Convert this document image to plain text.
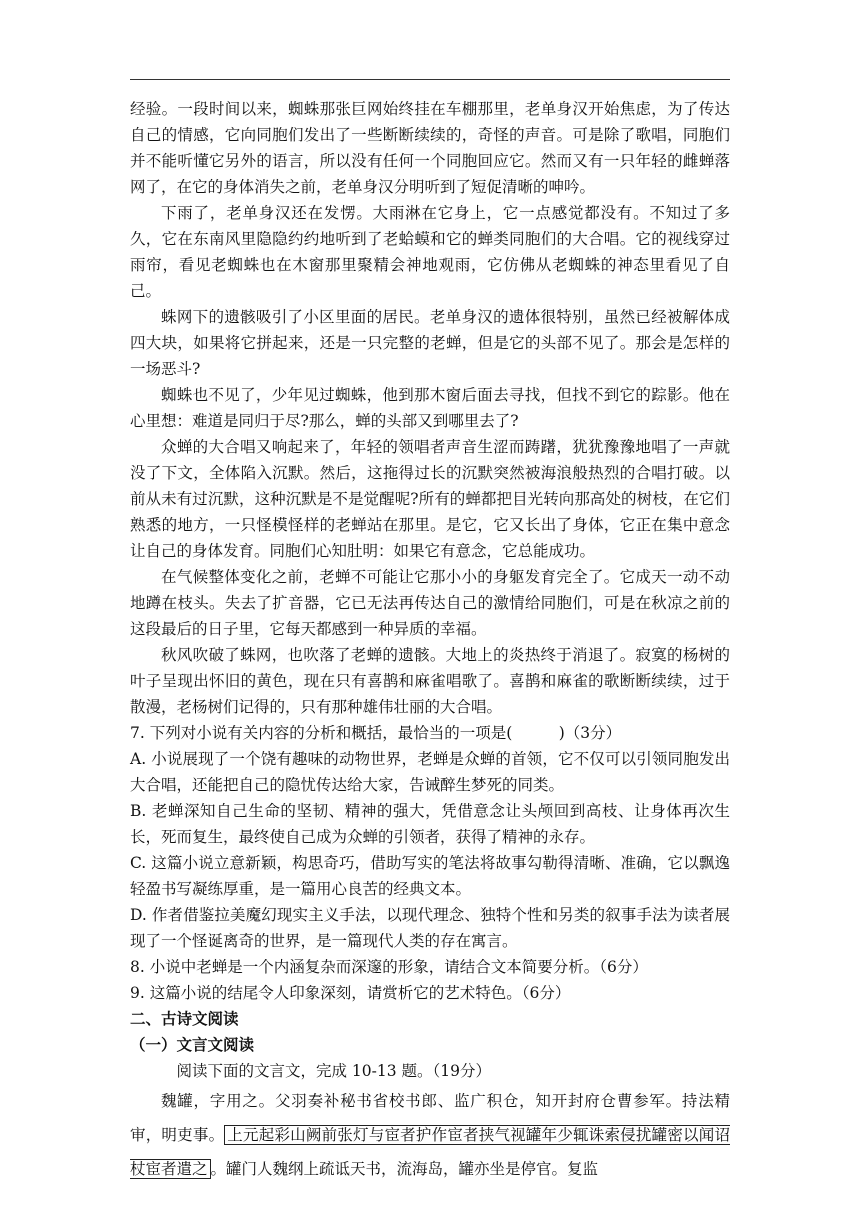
经验。一段时间以来，蜘蛛那张巨网始终挂在车棚那里，老单身汉开始焦虑，为了传达自己的情感，它向同胞们发出了一些断断续续的，奇怪的声音。可是除了歌唱，同胞们并不能听懂它另外的语言，所以没有任何一个同胞回应它。然而又有一只年轻的雌蝉落网了，在它的身体消失之前，老单身汉分明听到了短促清晰的呻吟。

下雨了，老单身汉还在发愣。大雨淋在它身上，它一点感觉都没有。不知过了多久，它在东南风里隐隐约约地听到了老蛤蟆和它的蝉类同胞们的大合唱。它的视线穿过雨帘，看见老蜘蛛也在木窗那里聚精会神地观雨，它仿佛从老蜘蛛的神态里看见了自己。

蛛网下的遗骸吸引了小区里面的居民。老单身汉的遗体很特别，虽然已经被解体成四大块，如果将它拼起来，还是一只完整的老蝉，但是它的头部不见了。那会是怎样的一场恶斗?

蜘蛛也不见了，少年见过蜘蛛，他到那木窗后面去寻找，但找不到它的踪影。他在心里想：难道是同归于尽?那么，蝉的头部又到哪里去了?

众蝉的大合唱又响起来了，年轻的领唱者声音生涩而踌躇，犹犹豫豫地唱了一声就没了下文，全体陷入沉默。然后，这拖得过长的沉默突然被海浪般热烈的合唱打破。以前从未有过沉默，这种沉默是不是觉醒呢?所有的蝉都把目光转向那高处的树枝，在它们熟悉的地方，一只怪模怪样的老蝉站在那里。是它，它又长出了身体，它正在集中意念让自己的身体发育。同胞们心知肚明：如果它有意念，它总能成功。

在气候整体变化之前，老蝉不可能让它那小小的身躯发育完全了。它成天一动不动地蹲在枝头。失去了扩音器，它已无法再传达自己的激情给同胞们，可是在秋凉之前的这段最后的日子里，它每天都感到一种异质的幸福。

秋风吹破了蛛网，也吹落了老蝉的遗骸。大地上的炎热终于消退了。寂寞的杨树的叶子呈现出怀旧的黄色，现在只有喜鹊和麻雀唱歌了。喜鹊和麻雀的歌断断续续，过于散漫，老杨树们记得的，只有那种雄伟壮丽的大合唱。

7. 下列对小说有关内容的分析和概括，最恰当的一项是(　　　)（3分）

A. 小说展现了一个饶有趣味的动物世界，老蝉是众蝉的首领，它不仅可以引领同胞发出大合唱，还能把自己的隐忧传达给大家，告诫醉生梦死的同类。

B. 老蝉深知自己生命的坚韧、精神的强大，凭借意念让头颅回到高枝、让身体再次生长，死而复生，最终使自己成为众蝉的引领者，获得了精神的永存。

C. 这篇小说立意新颖，构思奇巧，借助写实的笔法将故事勾勒得清晰、准确，它以飘逸轻盈书写凝练厚重，是一篇用心良苦的经典文本。

D. 作者借鉴拉美魔幻现实主义手法，以现代理念、独特个性和另类的叙事手法为读者展现了一个怪诞离奇的世界，是一篇现代人类的存在寓言。

8. 小说中老蝉是一个内涵复杂而深邃的形象，请结合文本简要分析。（6分）

9. 这篇小说的结尾令人印象深刻，请赏析它的艺术特色。（6分）

二、古诗文阅读

（一）文言文阅读

阅读下面的文言文，完成 10-13 题。（19分）

魏罐，字用之。父羽奏补秘书省校书郎、监广积仓，知开封府仓曹参军。持法精审，明吏事。 上元起彩山阙前张灯与宦者护作宦者挟气视罐年少辄诛索侵扰罐密以闻诏杖宦者遣之 。罐门人魏纲上疏诋天书，流海岛，罐亦坐是停官。复监
